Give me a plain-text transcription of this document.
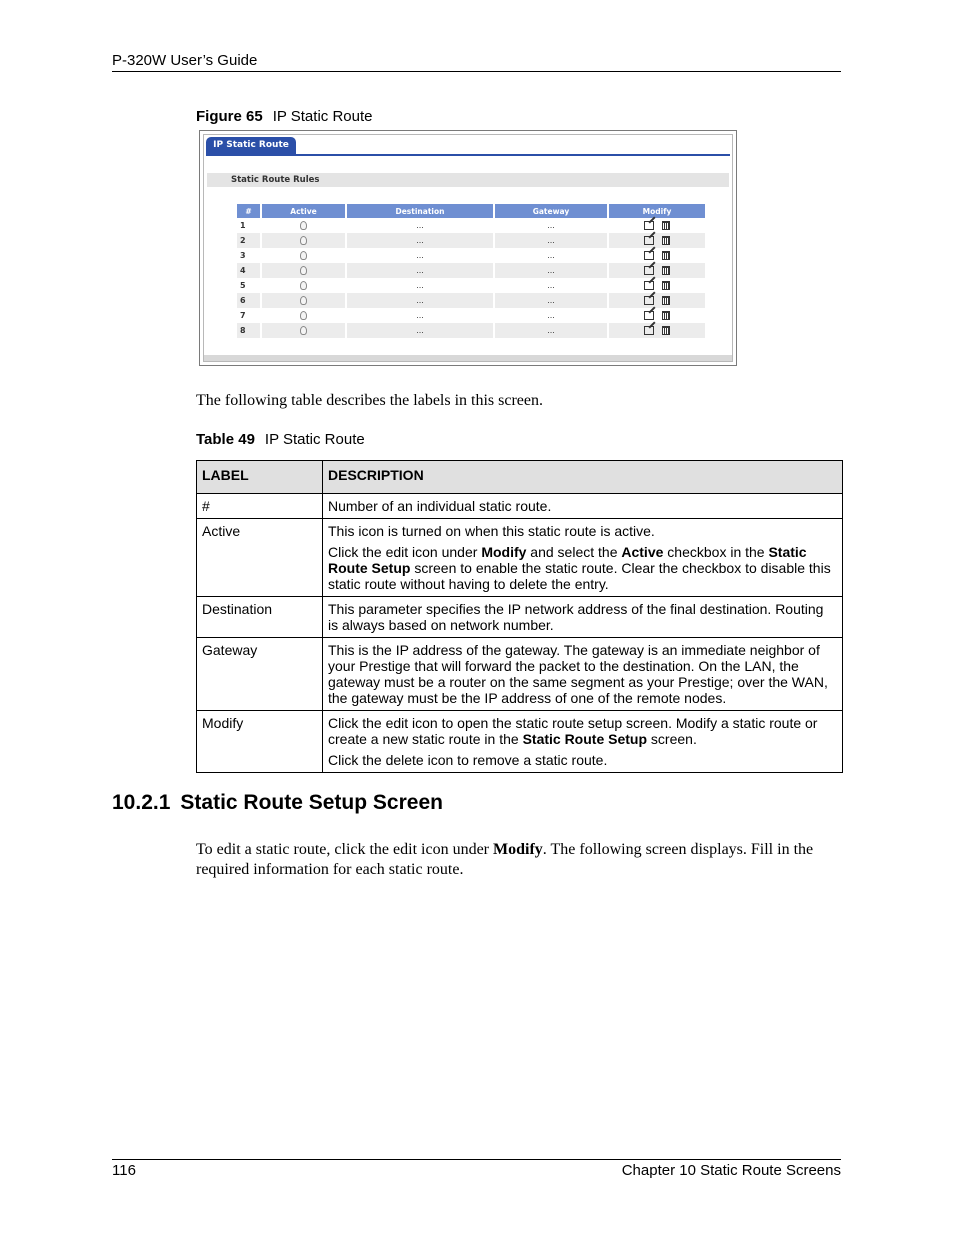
P-320W User’s Guide
Figure 65 IP Static Route
IP Static Route
Static Route Rules
#	Active	Destination	Gateway	Modify
1		...	...	
2		...	...	
3		...	...	
4		...	...	
5		...	...	
6		...	...	
7		...	...	
8		...	...	
The following table describes the labels in this screen.
Table 49 IP Static Route
LABEL	DESCRIPTION
#	Number of an individual static route.

Active	This icon is turned on when this static route is active.

Click the edit icon under Modify and select the Active checkbox in the Static Route Setup screen to enable the static route. Clear the checkbox to disable this static route without having to delete the entry.

Destination	This parameter specifies the IP network address of the final destination. Routing is always based on network number.

Gateway	This is the IP address of the gateway. The gateway is an immediate neighbor of your Prestige that will forward the packet to the destination. On the LAN, the gateway must be a router on the same segment as your Prestige; over the WAN, the gateway must be the IP address of one of the remote nodes.

Modify	Click the edit icon to open the static route setup screen. Modify a static route or create a new static route in the Static Route Setup screen.

Click the delete icon to remove a static route.

10.2.1 Static Route Setup Screen
To edit a static route, click the edit icon under Modify. The following screen displays. Fill in the required information for each static route.
116	Chapter 10 Static Route Screens
